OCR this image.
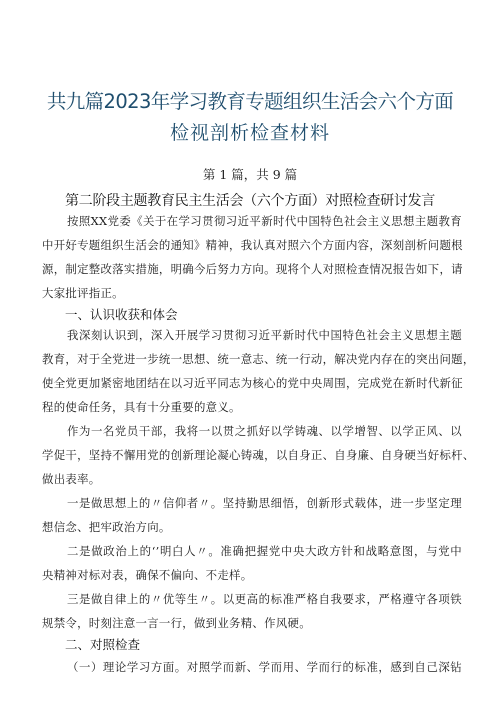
共九篇2023年学习教育专题组织生活会六个方面
检视剖析检查材料
第 1 篇，共 9 篇
第二阶段主题教育民主生活会（六个方面）对照检查研讨发言
按照XX党委《关于在学习贯彻习近平新时代中国特色社会主义思想主题教育
中开好专题组织生活会的通知》精神，我认真对照六个方面内容，深刻剖析问题根
源，制定整改落实措施，明确今后努力方向。现将个人对照检查情况报告如下，请
大家批评指正。
一、认识收获和体会
我深刻认识到，深入开展学习贯彻习近平新时代中国特色社会主义思想主题
教育，对于全党进一步统一思想、统一意志、统一行动，解决党内存在的突出问题，
使全党更加紧密地团结在以习近平同志为核心的党中央周围，完成党在新时代新征
程的使命任务，具有十分重要的意义。
作为一名党员干部，我将一以贯之抓好以学铸魂、以学增智、以学正风、以
学促干，坚持不懈用党的创新理论凝心铸魂，以自身正、自身廉、自身硬当好标杆、
做出表率。
一是做思想上的〃信仰者〃。坚持勤思细悟，创新形式载体，进一步坚定理
想信念、把牢政治方向。
二是做政治上的‘’明白人〃。准确把握党中央大政方针和战略意图，与党中
央精神对标对表，确保不偏向、不走样。
三是做自律上的〃优等生〃。以更高的标准严格自我要求，严格遵守各项铁
规禁令，时刻注意一言一行，做到业务精、作风硬。
二、对照检查
（一）理论学习方面。对照学而新、学而用、学而行的标准，感到自己深钻
